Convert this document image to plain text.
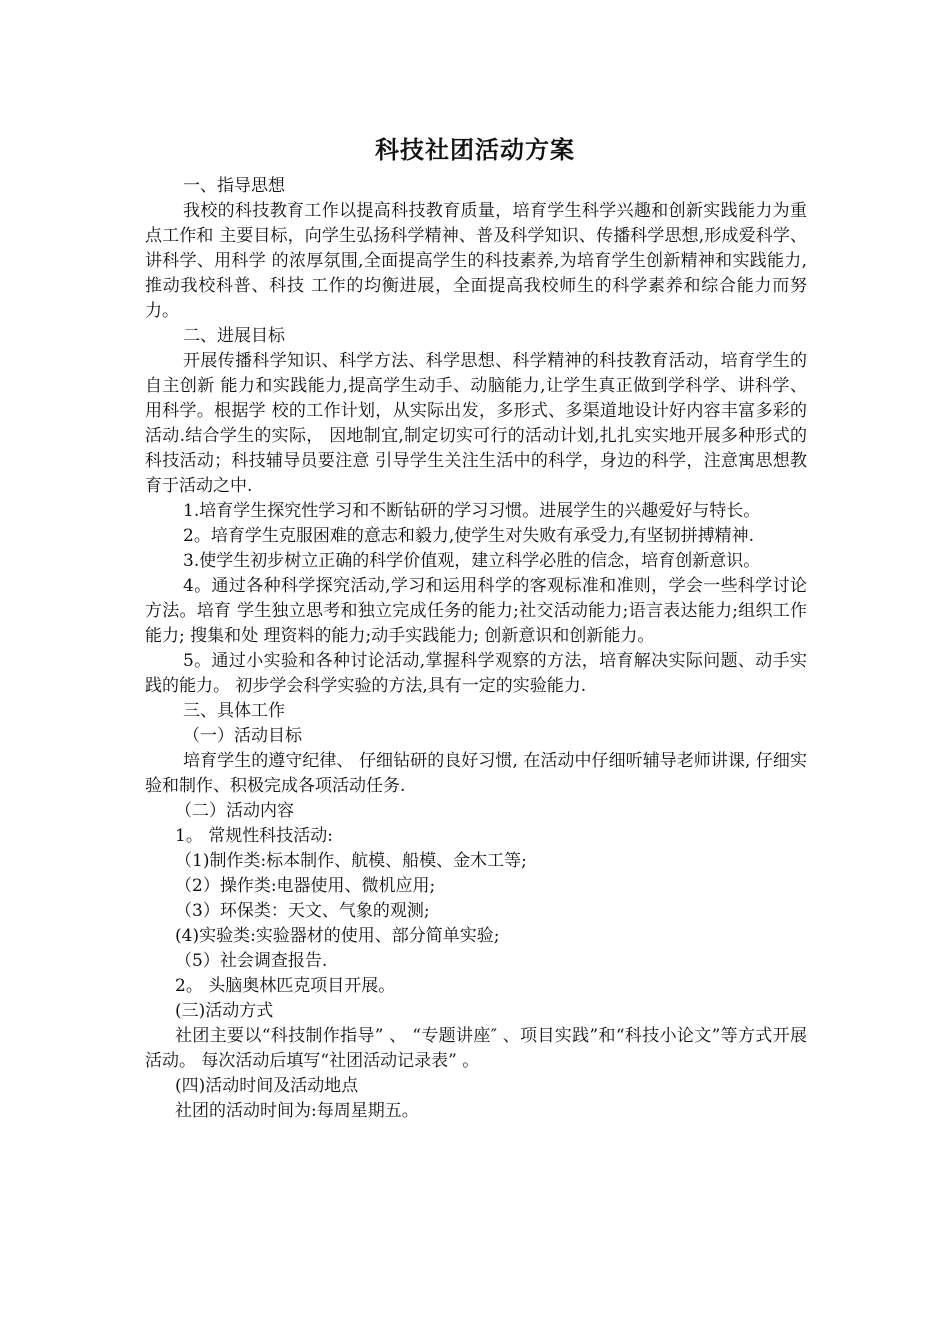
科技社团活动方案

一、指导思想

我校的科技教育工作以提高科技教育质量，培育学生科学兴趣和创新实践能力为重点工作和 主要目标，向学生弘扬科学精神、普及科学知识、传播科学思想,形成爱科学、讲科学、用科学 的浓厚氛围,全面提高学生的科技素养,为培育学生创新精神和实践能力,推动我校科普、科技 工作的均衡进展，全面提高我校师生的科学素养和综合能力而努力。

二、进展目标

开展传播科学知识、科学方法、科学思想、科学精神的科技教育活动，培育学生的自主创新 能力和实践能力,提高学生动手、动脑能力,让学生真正做到学科学、讲科学、用科学。根据学 校的工作计划，从实际出发，多形式、多渠道地设计好内容丰富多彩的活动.结合学生的实际， 因地制宜,制定切实可行的活动计划,扎扎实实地开展多种形式的科技活动；科技辅导员要注意 引导学生关注生活中的科学，身边的科学，注意寓思想教育于活动之中.

1.培育学生探究性学习和不断钻研的学习习惯。进展学生的兴趣爱好与特长。

2。培育学生克服困难的意志和毅力,使学生对失败有承受力,有坚韧拼搏精神.

3.使学生初步树立正确的科学价值观，建立科学必胜的信念，培育创新意识。

4。通过各种科学探究活动,学习和运用科学的客观标准和准则，学会一些科学讨论方法。培育 学生独立思考和独立完成任务的能力;社交活动能力;语言表达能力;组织工作能力; 搜集和处 理资料的能力;动手实践能力; 创新意识和创新能力。

5。通过小实验和各种讨论活动,掌握科学观察的方法，培育解决实际问题、动手实践的能力。 初步学会科学实验的方法,具有一定的实验能力.

三、具体工作

（一）活动目标

培育学生的遵守纪律、 仔细钻研的良好习惯, 在活动中仔细听辅导老师讲课, 仔细实验和制作、积极完成各项活动任务.

（二）活动内容

1。 常规性科技活动:

（1)制作类:标本制作、航模、船模、金木工等;

（2）操作类:电器使用、微机应用;

（3）环保类：天文、气象的观测;

(4)实验类:实验器材的使用、部分简单实验;

（5）社会调查报告.

2。 头脑奥林匹克项目开展。

(三)活动方式

社团主要以“科技制作指导” 、 “专题讲座″ 、项目实践”和“科技小论文”等方式开展活动。 每次活动后填写“社团活动记录表” 。

(四)活动时间及活动地点

社团的活动时间为:每周星期五。
